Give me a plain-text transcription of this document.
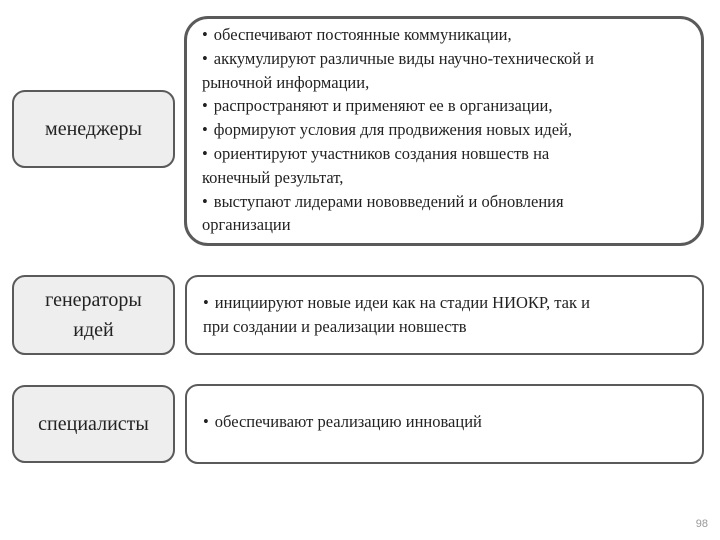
менеджеры
• обеспечивают постоянные коммуникации,
• аккумулируют различные виды научно-технической и
рыночной информации,
• распространяют и применяют ее в организации,
• формируют условия для продвижения новых идей,
• ориентируют участников создания новшеств на
конечный результат,
• выступают лидерами нововведений и обновления
организации
генераторы
идей
• инициируют новые идеи как на стадии НИОКР, так и
при создании и реализации новшеств
специалисты	• обеспечивают реализацию инноваций
98
